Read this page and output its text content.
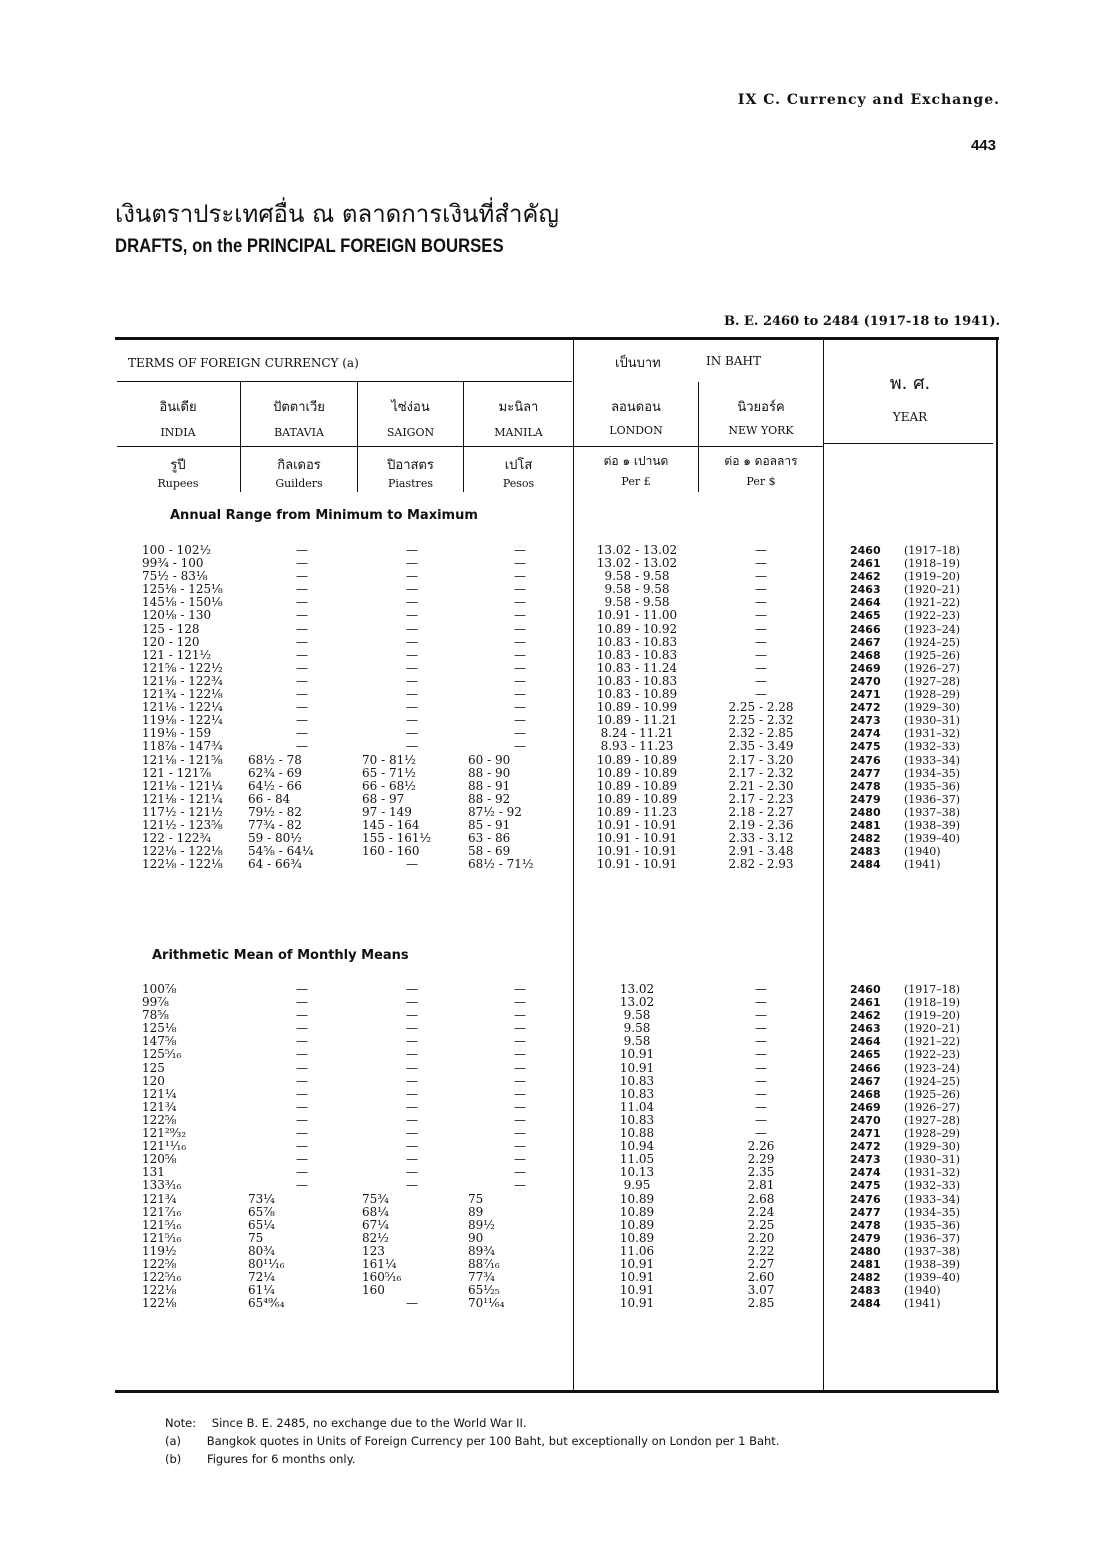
IX C. Currency and Exchange.
443
เงินตราประเทศอื่น ณ ตลาดการเงินที่สำคัญ
DRAFTS, on the PRINCIPAL FOREIGN BOURSES
B. E. 2460 to 2484 (1917-18 to 1941).
TERMS OF FOREIGN CURRENCY (a)	เป็นบาท	IN BAHT
พ. ศ.
YEAR
อินเดีย
INDIA
รูปี
Rupees
ปัตตาเวีย
BATAVIA
กิลเดอร
Guilders
ไซ่ง่อน
SAIGON
ปิอาสตร
Piastres
มะนิลา
MANILA
เปโส
Pesos
ลอนดอน
LONDON
ต่อ ๑ เปานด
Per £
นิวยอร์ค
NEW YORK
ต่อ ๑ ดอลลาร
Per $
Annual Range from Minimum to Maximum
Arithmetic Mean of Monthly Means
100 - 102½
99¾ - 100
75½ - 83⅛
125⅛ - 125⅛
145⅛ - 150⅛
120⅛ - 130
125 - 128
120 - 120
121 - 121½
121⅝ - 122½
121⅛ - 122¾
121¾ - 122⅛
121⅛ - 122¼
119⅛ - 122¼
119⅛ - 159
118⅞ - 147¾
121⅛ - 121⅝
121 - 121⅞
121⅛ - 121¼
121⅛ - 121¼
117½ - 121½
121½ - 123⅝
122 - 122¾
122⅛ - 122⅛
122⅛ - 122⅛
—
—
—
—
—
—
—
—
—
—
—
—
—
—
—
—
68½ - 78
62¾ - 69
64½ - 66
66 - 84
79½ - 82
77¾ - 82
59 - 80½
54⅝ - 64¼
64 - 66¾
—
—
—
—
—
—
—
—
—
—
—
—
—
—
—
—
70 - 81½
65 - 71½
66 - 68½
68 - 97
97 - 149
145 - 164
155 - 161½
160 - 160
—
—
—
—
—
—
—
—
—
—
—
—
—
—
—
—
—
60 - 90
88 - 90
88 - 91
88 - 92
87½ - 92
85 - 91
63 - 86
58 - 69
68½ - 71½
13.02 - 13.02
13.02 - 13.02
9.58 - 9.58
9.58 - 9.58
9.58 - 9.58
10.91 - 11.00
10.89 - 10.92
10.83 - 10.83
10.83 - 10.83
10.83 - 11.24
10.83 - 10.83
10.83 - 10.89
10.89 - 10.99
10.89 - 11.21
8.24 - 11.21
8.93 - 11.23
10.89 - 10.89
10.89 - 10.89
10.89 - 10.89
10.89 - 10.89
10.89 - 11.23
10.91 - 10.91
10.91 - 10.91
10.91 - 10.91
10.91 - 10.91
—
—
—
—
—
—
—
—
—
—
—
—
2.25 - 2.28
2.25 - 2.32
2.32 - 2.85
2.35 - 3.49
2.17 - 3.20
2.17 - 2.32
2.21 - 2.30
2.17 - 2.23
2.18 - 2.27
2.19 - 2.36
2.33 - 3.12
2.91 - 3.48
2.82 - 2.93
2460 (1917–18)
2461 (1918–19)
2462 (1919–20)
2463 (1920–21)
2464 (1921–22)
2465 (1922–23)
2466 (1923–24)
2467 (1924–25)
2468 (1925–26)
2469 (1926–27)
2470 (1927–28)
2471 (1928–29)
2472 (1929–30)
2473 (1930–31)
2474 (1931–32)
2475 (1932–33)
2476 (1933–34)
2477 (1934–35)
2478 (1935–36)
2479 (1936–37)
2480 (1937–38)
2481 (1938–39)
2482 (1939–40)
2483 (1940)
2484 (1941)
100⅞
99⅞
78⅝
125⅛
147⅝
125⁵⁄₁₆
125
120
121¼
121¾
122⅝
121²⁹⁄₃₂
121¹¹⁄₁₆
120⅝
131
133³⁄₁₆
121¾
121⁷⁄₁₆
121⁵⁄₁₆
121⁵⁄₁₆
119½
122⅝
122⁵⁄₁₆
122⅛
122⅛
—
—
—
—
—
—
—
—
—
—
—
—
—
—
—
—
73¼
65⅞
65¼
75
80¾
80¹¹⁄₁₆
72¼
61¼
65⁴⁹⁄₆₄
—
—
—
—
—
—
—
—
—
—
—
—
—
—
—
—
75¾
68¼
67¼
82½
123
161¼
160⁵⁄₁₆
160
—
—
—
—
—
—
—
—
—
—
—
—
—
—
—
—
—
75
89
89½
90
89¾
88⁷⁄₁₆
77¾
65¹⁄₂₅
70¹¹⁄₆₄
13.02
13.02
9.58
9.58
9.58
10.91
10.91
10.83
10.83
11.04
10.83
10.88
10.94
11.05
10.13
9.95
10.89
10.89
10.89
10.89
11.06
10.91
10.91
10.91
10.91
—
—
—
—
—
—
—
—
—
—
—
—
2.26
2.29
2.35
2.81
2.68
2.24
2.25
2.20
2.22
2.27
2.60
3.07
2.85
2460 (1917–18)
2461 (1918–19)
2462 (1919–20)
2463 (1920–21)
2464 (1921–22)
2465 (1922–23)
2466 (1923–24)
2467 (1924–25)
2468 (1925–26)
2469 (1926–27)
2470 (1927–28)
2471 (1928–29)
2472 (1929–30)
2473 (1930–31)
2474 (1931–32)
2475 (1932–33)
2476 (1933–34)
2477 (1934–35)
2478 (1935–36)
2479 (1936–37)
2480 (1937–38)
2481 (1938–39)
2482 (1939–40)
2483 (1940)
2484 (1941)
Note: Since B. E. 2485, no exchange due to the World War II.
(a) Bangkok quotes in Units of Foreign Currency per 100 Baht, but exceptionally on London per 1 Baht.
(b) Figures for 6 months only.
